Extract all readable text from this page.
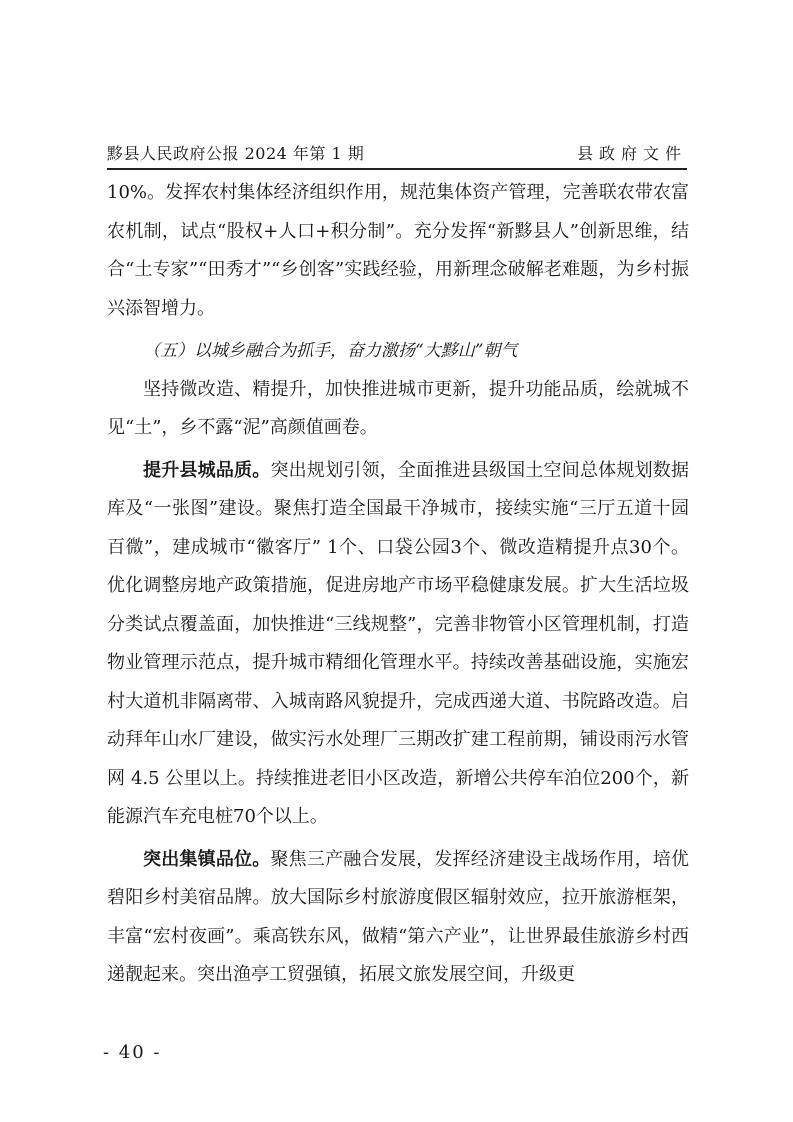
黟县人民政府公报 2024 年第 1 期	县政府文件

10%。发挥农村集体经济组织作用，规范集体资产管理，完善联农带农富农机制，试点“股权+人口+积分制”。充分发挥“新黟县人”创新思维，结合“土专家”“田秀才”“乡创客”实践经验，用新理念破解老难题，为乡村振兴添智增力。

（五）以城乡融合为抓手，奋力激扬“大黟山”朝气

坚持微改造、精提升，加快推进城市更新，提升功能品质，绘就城不见“土”，乡不露“泥”高颜值画卷。

提升县城品质。突出规划引领，全面推进县级国土空间总体规划数据库及“一张图”建设。聚焦打造全国最干净城市，接续实施“三厅五道十园百微”，建成城市“徽客厅” 1个、口袋公园3个、微改造精提升点30个。优化调整房地产政策措施，促进房地产市场平稳健康发展。扩大生活垃圾分类试点覆盖面，加快推进“三线规整”，完善非物管小区管理机制，打造物业管理示范点，提升城市精细化管理水平。持续改善基础设施，实施宏村大道机非隔离带、入城南路风貌提升，完成西递大道、书院路改造。启动拜年山水厂建设，做实污水处理厂三期改扩建工程前期，铺设雨污水管网 4.5 公里以上。持续推进老旧小区改造，新增公共停车泊位200个，新能源汽车充电桩70个以上。

突出集镇品位。聚焦三产融合发展，发挥经济建设主战场作用，培优碧阳乡村美宿品牌。放大国际乡村旅游度假区辐射效应，拉开旅游框架，丰富“宏村夜画”。乘高铁东风，做精“第六产业”，让世界最佳旅游乡村西递靓起来。突出渔亭工贸强镇，拓展文旅发展空间，升级更

- 40 -
